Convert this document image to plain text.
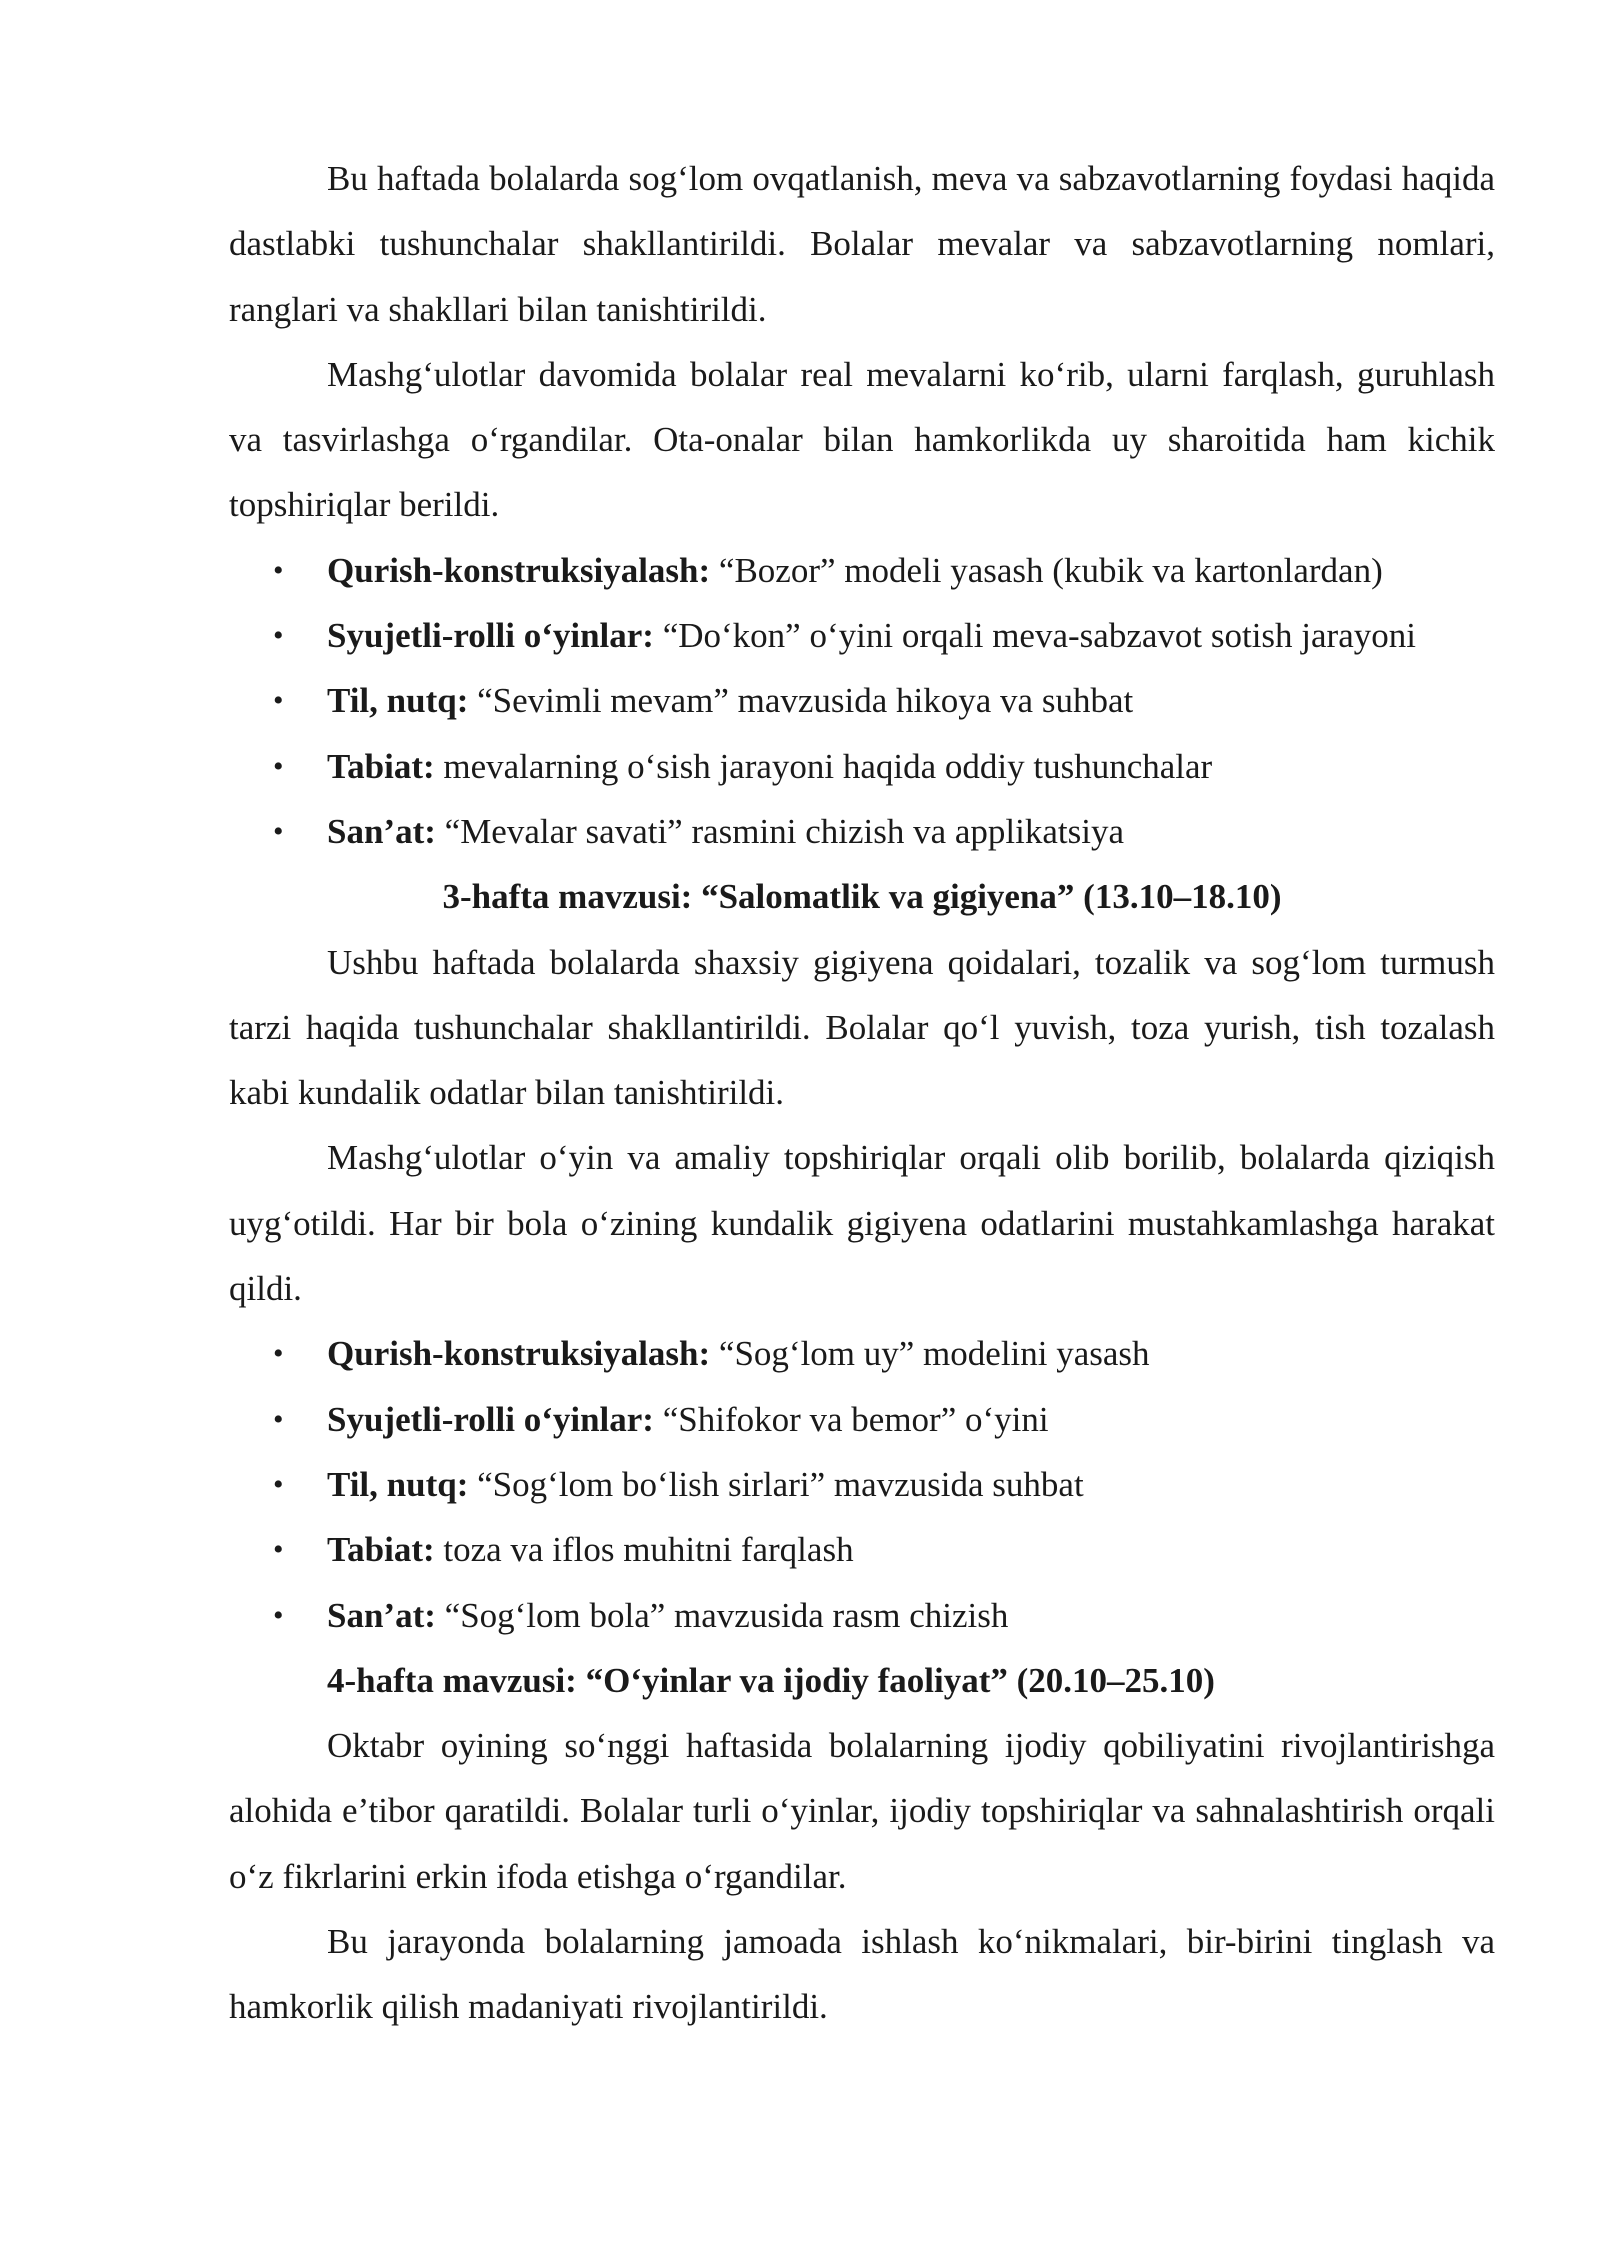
Bu haftada bolalarda sog‘lom ovqatlanish, meva va sabzavotlarning foydasi haqida dastlabki tushunchalar shakllantirildi. Bolalar mevalar va sabzavotlarning nomlari, ranglari va shakllari bilan tanishtirildi.

Mashg‘ulotlar davomida bolalar real mevalarni ko‘rib, ularni farqlash, guruhlash va tasvirlashga o‘rgandilar. Ota-onalar bilan hamkorlikda uy sharoitida ham kichik topshiriqlar berildi.

• Qurish-konstruksiyalash: “Bozor” modeli yasash (kubik va kartonlardan)
• Syujetli-rolli o‘yinlar: “Do‘kon” o‘yini orqali meva-sabzavot sotish jarayoni
• Til, nutq: “Sevimli mevam” mavzusida hikoya va suhbat
• Tabiat: mevalarning o‘sish jarayoni haqida oddiy tushunchalar
• San’at: “Mevalar savati” rasmini chizish va applikatsiya
3-hafta mavzusi: “Salomatlik va gigiyena” (13.10–18.10)

Ushbu haftada bolalarda shaxsiy gigiyena qoidalari, tozalik va sog‘lom turmush tarzi haqida tushunchalar shakllantirildi. Bolalar qo‘l yuvish, toza yurish, tish tozalash kabi kundalik odatlar bilan tanishtirildi.

Mashg‘ulotlar o‘yin va amaliy topshiriqlar orqali olib borilib, bolalarda qiziqish uyg‘otildi. Har bir bola o‘zining kundalik gigiyena odatlarini mustahkamlashga harakat qildi.

• Qurish-konstruksiyalash: “Sog‘lom uy” modelini yasash
• Syujetli-rolli o‘yinlar: “Shifokor va bemor” o‘yini
• Til, nutq: “Sog‘lom bo‘lish sirlari” mavzusida suhbat
• Tabiat: toza va iflos muhitni farqlash
• San’at: “Sog‘lom bola” mavzusida rasm chizish
4-hafta mavzusi: “O‘yinlar va ijodiy faoliyat” (20.10–25.10)

Oktabr oyining so‘nggi haftasida bolalarning ijodiy qobiliyatini rivojlantirishga alohida e’tibor qaratildi. Bolalar turli o‘yinlar, ijodiy topshiriqlar va sahnalashtirish orqali o‘z fikrlarini erkin ifoda etishga o‘rgandilar.

Bu jarayonda bolalarning jamoada ishlash ko‘nikmalari, bir-birini tinglash va hamkorlik qilish madaniyati rivojlantirildi.
